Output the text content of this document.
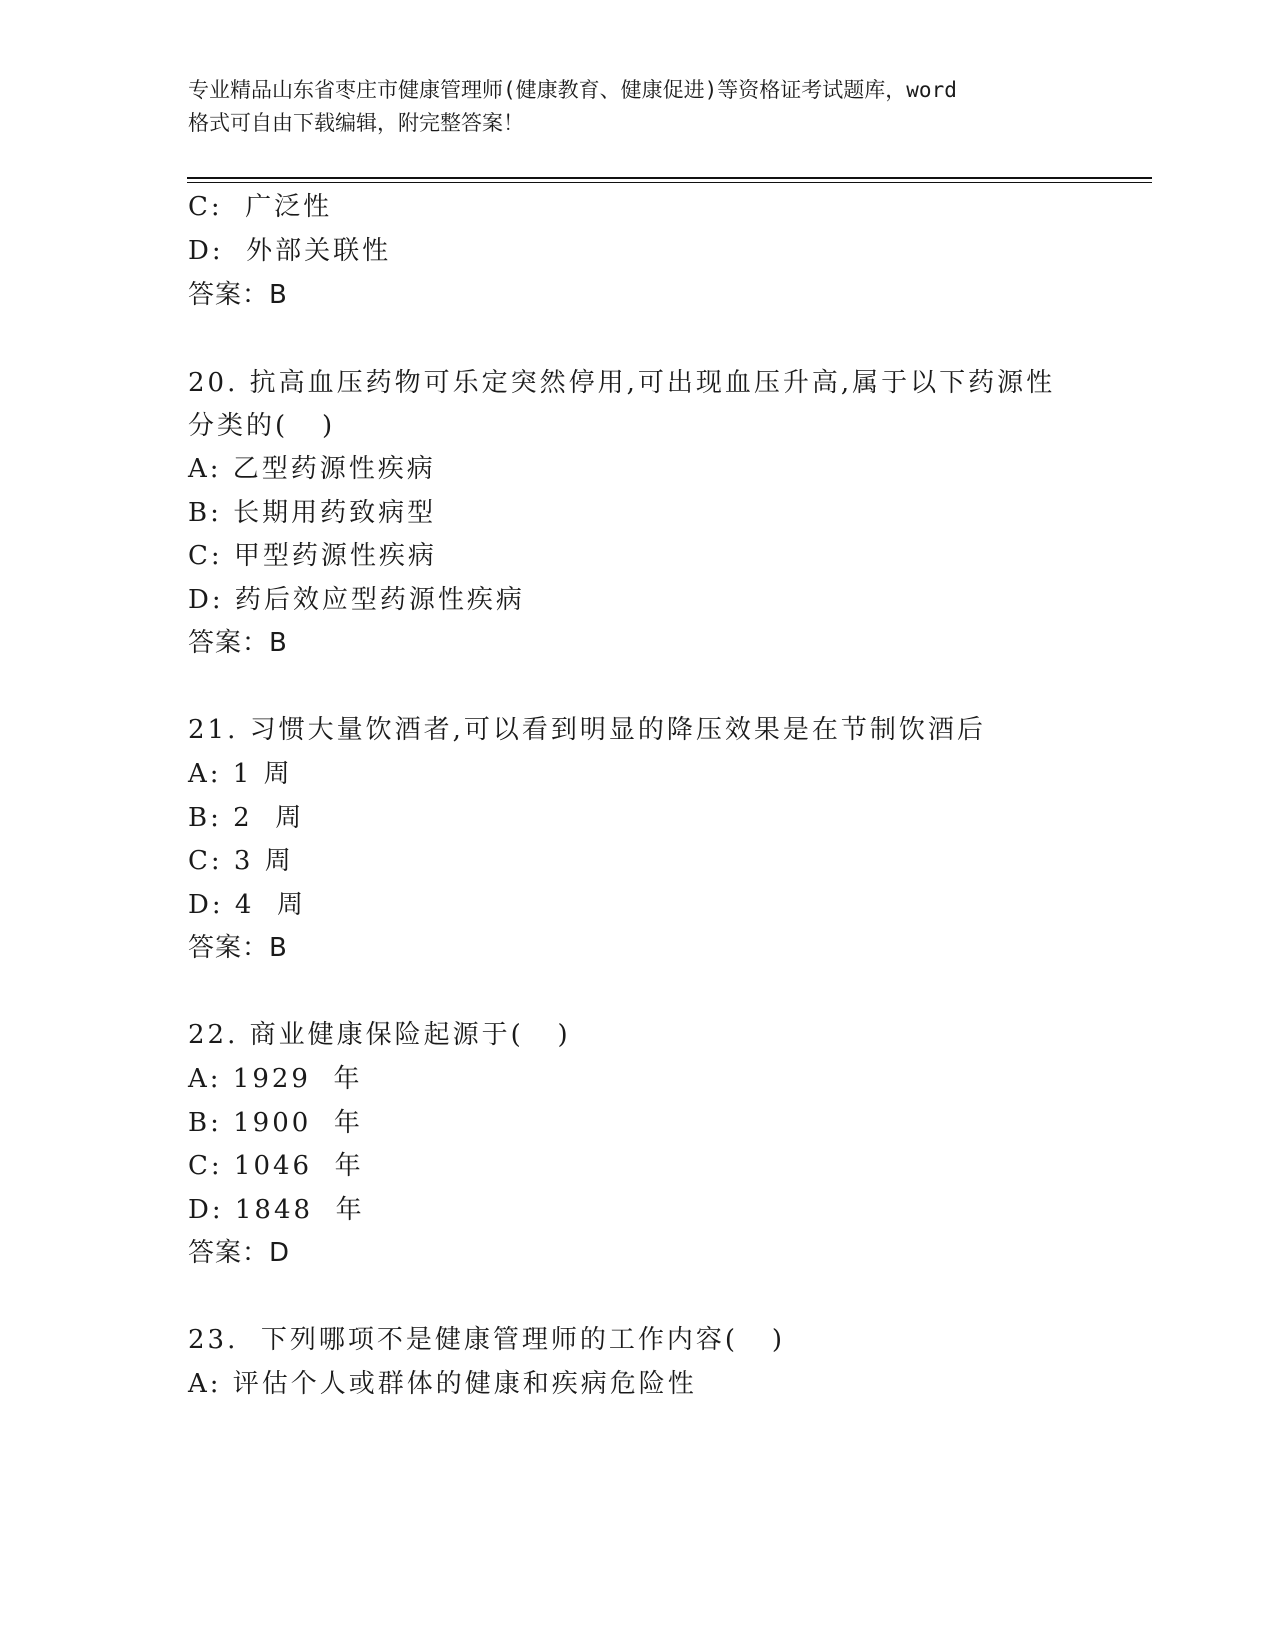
专业精品山东省枣庄市健康管理师(健康教育、健康促进)等资格证考试题库，word
格式可自由下载编辑，附完整答案！
C:  广泛性
D:  外部关联性
答案：B
20. 抗高血压药物可乐定突然停用,可出现血压升高,属于以下药源性
分类的(   )
A: 乙型药源性疾病
B: 长期用药致病型
C: 甲型药源性疾病
D: 药后效应型药源性疾病
答案：B
21. 习惯大量饮酒者,可以看到明显的降压效果是在节制饮酒后
A: 1 周
B: 2  周
C: 3 周
D: 4  周
答案：B
22. 商业健康保险起源于(   )
A: 1929  年
B: 1900  年
C: 1046  年
D: 1848  年
答案：D
23.  下列哪项不是健康管理师的工作内容(   )
A: 评估个人或群体的健康和疾病危险性
